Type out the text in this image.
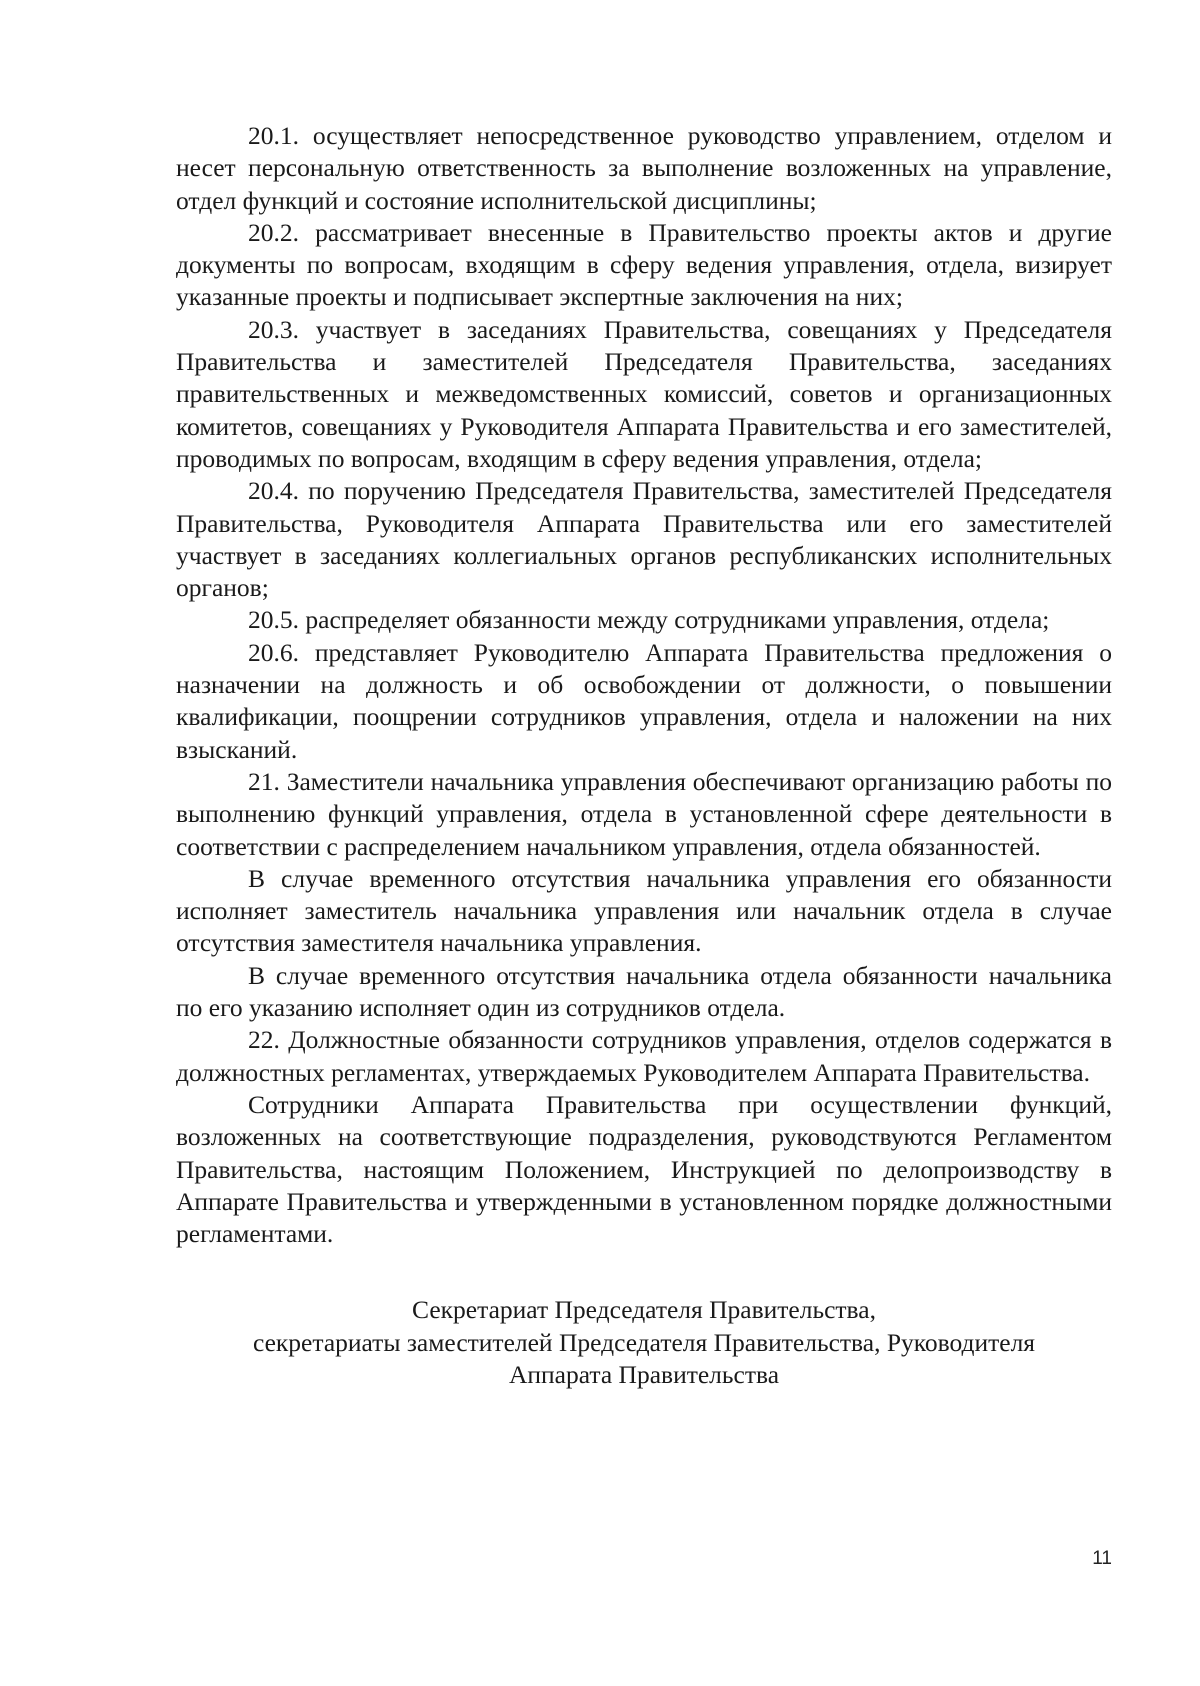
20.1. осуществляет непосредственное руководство управлением, отделом и несет персональную ответственность за выполнение возложенных на управление, отдел функций и состояние исполнительской дисциплины;

20.2. рассматривает внесенные в Правительство проекты актов и другие документы по вопросам, входящим в сферу ведения управления, отдела, визирует указанные проекты и подписывает экспертные заключения на них;

20.3. участвует в заседаниях Правительства, совещаниях у Председателя Правительства и заместителей Председателя Правительства, заседаниях правительственных и межведомственных комиссий, советов и организационных комитетов, совещаниях у Руководителя Аппарата Правительства и его заместителей, проводимых по вопросам, входящим в сферу ведения управления, отдела;

20.4. по поручению Председателя Правительства, заместителей Председателя Правительства, Руководителя Аппарата Правительства или его заместителей участвует в заседаниях коллегиальных органов республиканских исполнительных органов;

20.5. распределяет обязанности между сотрудниками управления, отдела;

20.6. представляет Руководителю Аппарата Правительства предложения о назначении на должность и об освобождении от должности, о повышении квалификации, поощрении сотрудников управления, отдела и наложении на них взысканий.

21. Заместители начальника управления обеспечивают организацию работы по выполнению функций управления, отдела в установленной сфере деятельности в соответствии с распределением начальником управления, отдела обязанностей.

В случае временного отсутствия начальника управления его обязанности исполняет заместитель начальника управления или начальник отдела в случае отсутствия заместителя начальника управления.

В случае временного отсутствия начальника отдела обязанности начальника по его указанию исполняет один из сотрудников отдела.

22. Должностные обязанности сотрудников управления, отделов содержатся в должностных регламентах, утверждаемых Руководителем Аппарата Правительства.

Сотрудники Аппарата Правительства при осуществлении функций, возложенных на соответствующие подразделения, руководствуются Регламентом Правительства, настоящим Положением, Инструкцией по делопроизводству в Аппарате Правительства и утвержденными в установленном порядке должностными регламентами.

Секретариат Председателя Правительства,
секретариаты заместителей Председателя Правительства, Руководителя
Аппарата Правительства
11
